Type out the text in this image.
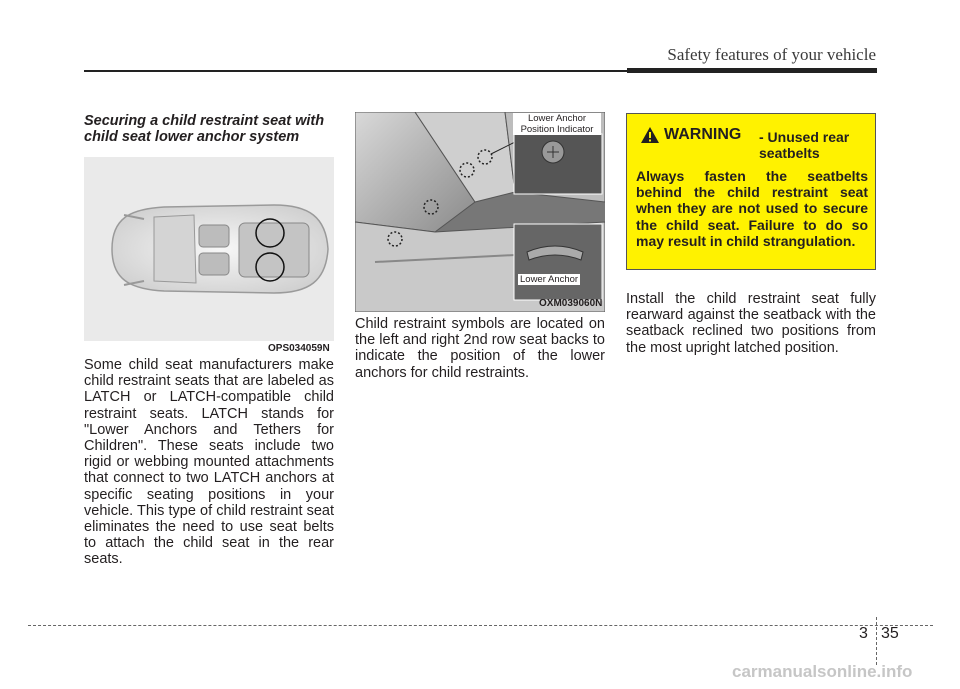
Safety features of your vehicle
Securing a child restraint seat with child seat lower anchor system
OPS034059N
Some child seat manufacturers make child restraint seats that are labeled as LATCH or LATCH-compatible child restraint seats. LATCH stands for "Lower Anchors and Tethers for Children". These seats include two rigid or webbing mounted attachments that connect to two LATCH anchors at specific seating positions in your vehicle. This type of child restraint seat eliminates the need to use seat belts to attach the child seat in the rear seats.
Lower Anchor Position Indicator
Lower Anchor
OXM039060N
Child restraint symbols are located on the left and right 2nd row seat backs to indicate the position of the lower anchors for child restraints.
WARNING - Unused rear seatbelts
Always fasten the seatbelts behind the child restraint seat when they are not used to secure the child seat. Failure to do so may result in child strangulation.
Install the child restraint seat fully rearward against the seatback with the seatback reclined two positions from the most upright latched position.
3 35
carmanualsonline.info
